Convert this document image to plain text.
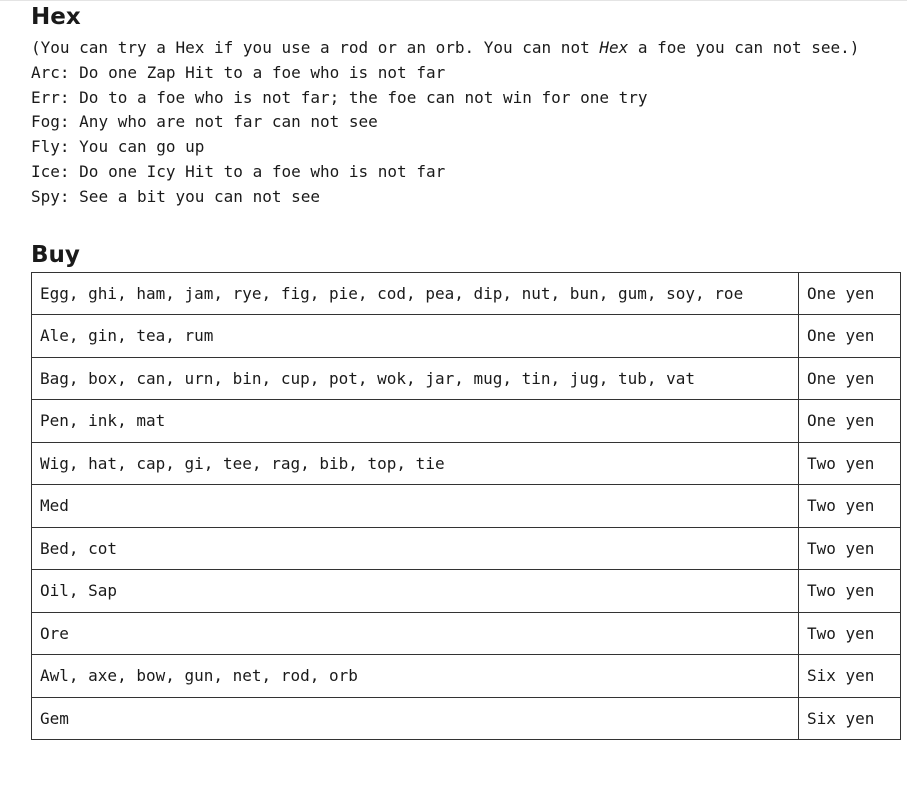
Hex

(You can try a Hex if you use a rod or an orb. You can not Hex a foe you can not see.)

Arc: Do one Zap Hit to a foe who is not far

Err: Do to a foe who is not far; the foe can not win for one try

Fog: Any who are not far can not see

Fly: You can go up

Ice: Do one Icy Hit to a foe who is not far

Spy: See a bit you can not see

Buy
Egg, ghi, ham, jam, rye, fig, pie, cod, pea, dip, nut, bun, gum, soy, roe	One yen
Ale, gin, tea, rum	One yen
Bag, box, can, urn, bin, cup, pot, wok, jar, mug, tin, jug, tub, vat	One yen
Pen, ink, mat	One yen
Wig, hat, cap, gi, tee, rag, bib, top, tie	Two yen
Med	Two yen
Bed, cot	Two yen
Oil, Sap	Two yen
Ore	Two yen
Awl, axe, bow, gun, net, rod, orb	Six yen
Gem	Six yen
